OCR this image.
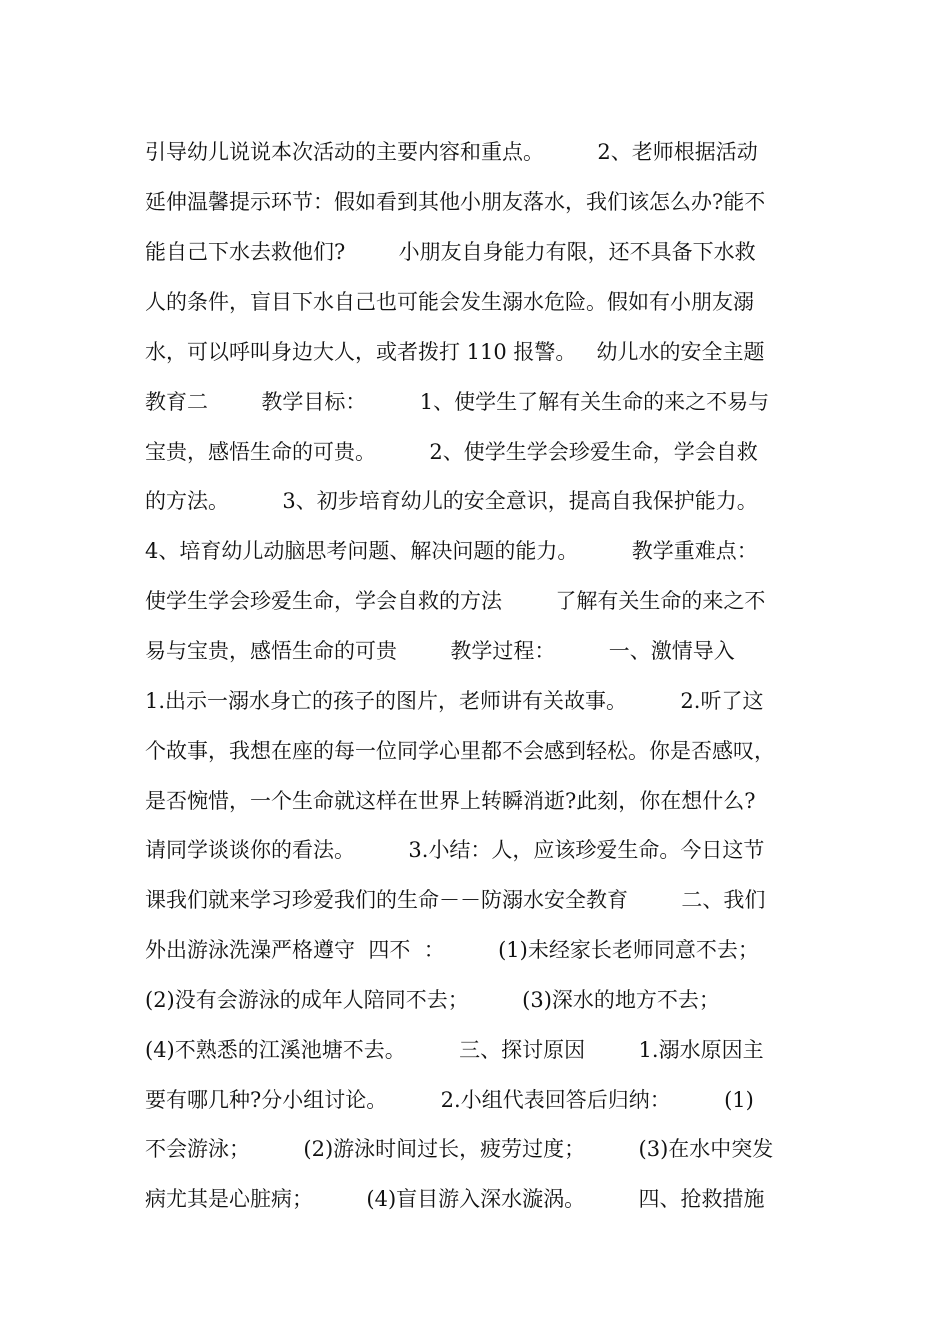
引导幼儿说说本次活动的主要内容和重点。        2、老师根据活动
延伸温馨提示环节：假如看到其他小朋友落水，我们该怎么办?能不
能自己下水去救他们?        小朋友自身能力有限，还不具备下水救
人的条件，盲目下水自己也可能会发生溺水危险。假如有小朋友溺
水，可以呼叫身边大人，或者拨打 110 报警。   幼儿水的安全主题
教育二        教学目标：        1、使学生了解有关生命的来之不易与
宝贵，感悟生命的可贵。        2、使学生学会珍爱生命，学会自救
的方法。        3、初步培育幼儿的安全意识，提高自我保护能力。
4、培育幼儿动脑思考问题、解决问题的能力。        教学重难点：
使学生学会珍爱生命，学会自救的方法        了解有关生命的来之不
易与宝贵，感悟生命的可贵        教学过程：        一、激情导入
1.出示一溺水身亡的孩子的图片，老师讲有关故事。        2.听了这
个故事，我想在座的每一位同学心里都不会感到轻松。你是否感叹，
是否惋惜，一个生命就这样在世界上转瞬消逝?此刻，你在想什么?
请同学谈谈你的看法。        3.小结：人，应该珍爱生命。今日这节
课我们就来学习珍爱我们的生命－－防溺水安全教育        二、我们
外出游泳洗澡严格遵守  四不  ：        (1)未经家长老师同意不去；
(2)没有会游泳的成年人陪同不去；        (3)深水的地方不去；
(4)不熟悉的江溪池塘不去。        三、探讨原因        1.溺水原因主
要有哪几种?分小组讨论。        2.小组代表回答后归纳：        (1)
不会游泳；        (2)游泳时间过长，疲劳过度；        (3)在水中突发
病尤其是心脏病；        (4)盲目游入深水漩涡。        四、抢救措施
